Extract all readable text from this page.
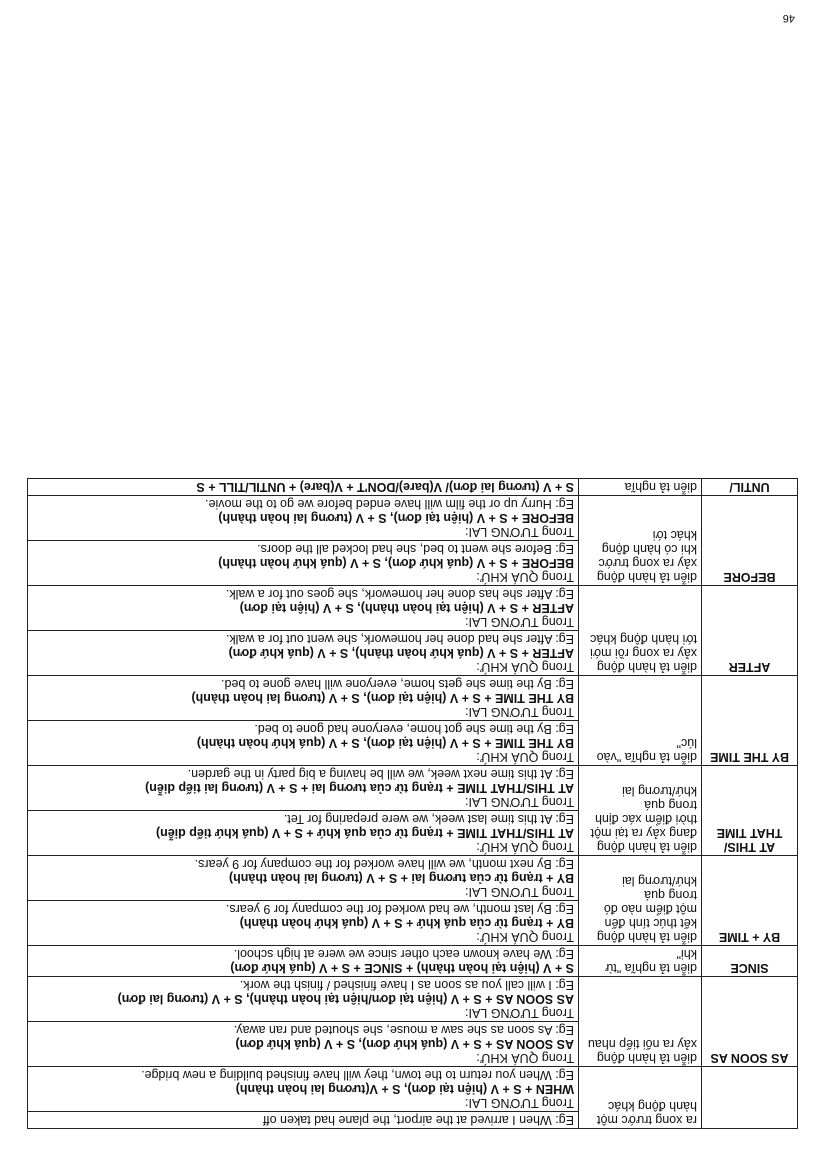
46
	ra xong trước một hành động khác	Eg: When I arrived at the airport, the plane had taken off

		Trong TƯƠNG LAI:
WHEN + S + V (hiện tại đơn), S + V(tương lai hoàn thành)
Eg: When you return to the town, they will have finished building a new bridge.

AS SOON AS	diễn tả hành động xảy ra nối tiếp nhau	Trong QUÁ KHỨ:
AS SOON AS + S + V (quá khứ đơn), S + V (quá khứ đơn)
Eg: As soon as she saw a mouse, she shouted and ran away.

		Trong TƯƠNG LAI:
AS SOON AS + S + V (hiện tại đơn/hiện tại hoàn thành), S + V (tương lai đơn)
Eg: I will call you as soon as I have finished / finish the work.

SINCE	diễn tả nghĩa "từ khi"	S + V (hiện tại hoàn thành) + SINCE + S + V (quá khứ đơn)
Eg: We have known each other since we were at high school.

BY + TIME	diễn tả hành động kết thúc tính đến một điểm nào đó trong quá khứ/tương lai	Trong QUÁ KHỨ:
BY + trạng từ của quá khứ + S + V (quá khứ hoàn thành)
Eg: By last month, we had worked for the company for 9 years.

		Trong TƯƠNG LAI:
BY + trạng từ của tương lai + S + V (tương lai hoàn thành)
Eg: By next month, we will have worked for the company for 9 years.

AT THIS/ THAT TIME	diễn tả hành động đang xảy ra tại một thời điểm xác định trong quá khứ/tương lai	Trong QUÁ KHỨ:
AT THIS/THAT TIME + trạng từ của quá khứ + S + V (quá khứ tiếp diễn)
Eg: At this time last week, we were preparing for Tet.

		Trong TƯƠNG LAI:
AT THIS/THAT TIME + trạng từ của tương lai + S + V (tương lai tiếp diễn)
Eg: At this time next week, we will be having a big party in the garden.

BY THE TIME	diễn tả nghĩa "vào lúc"	Trong QUÁ KHỨ:
BY THE TIME + S + V (hiện tại đơn), S + V (quá khứ hoàn thành)
Eg: By the time she got home, everyone had gone to bed.

		Trong TƯƠNG LAI:
BY THE TIME + S + V (hiện tại đơn), S + V (tương lai hoàn thành)
Eg: By the time she gets home, everyone will have gone to bed.

AFTER	diễn tả hành động xảy ra xong rồi mới tới hành động khác	Trong QUÁ KHỨ:
AFTER + S + V (quá khứ hoàn thành), S + V (quá khứ đơn)
Eg: After she had done her homework, she went out for a walk.

		Trong TƯƠNG LAI:
AFTER + S + V (hiện tại hoàn thành), S + V (hiện tại đơn)
Eg: After she has done her homework, she goes out for a walk.

BEFORE	diễn tả hành động xảy ra xong trước khi có hành động khác tới	Trong QUÁ KHỨ:
BEFORE + S + V (quá khứ đơn), S + V (quá khứ hoàn thành)
Eg: Before she went to bed, she had locked all the doors.

		Trong TƯƠNG LAI:
BEFORE + S + V (hiện tại đơn), S + V (tương lai hoàn thành)
Eg: Hurry up or the film will have ended before we go to the movie.

UNTIL/	diễn tả nghĩa	S + V (tương lai đơn)/ V(bare)/DON'T + V(bare) + UNTIL/TILL + S
